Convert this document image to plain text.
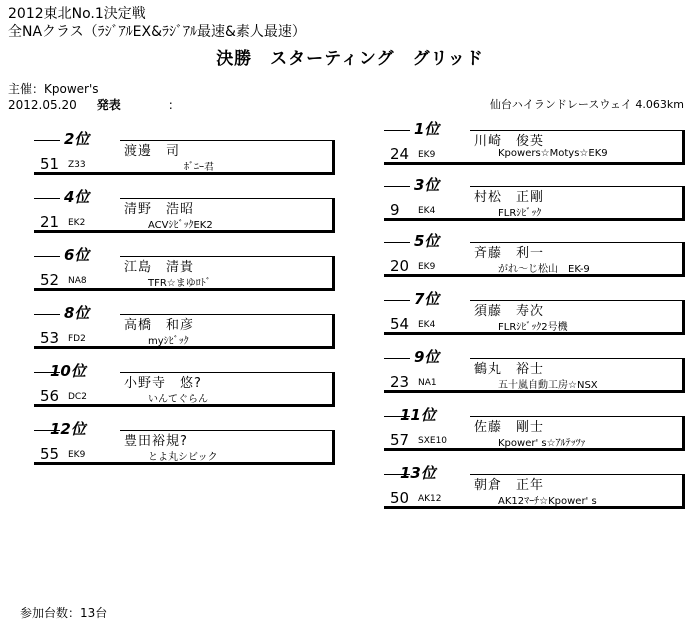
2012東北No.1決定戦
全NAクラス（ﾗｼﾞｱﾙEX&ﾗｼﾞｱﾙ最速&素人最速）
決勝　スターティング　グリッド
主催：Kpower's
2012.05.20 発表	:	仙台ハイランドレースウェイ 4.063km
2位
渡邊　司
51 Z33	ﾎﾞﾆｰ君
4位
清野　浩昭
21 EK2	ACVｼﾋﾞｯｸEK2
6位
江島　清貴
52 NA8	TFR☆まゆﾛﾄﾞ
8位
高橋　和彦
53 FD2	myｼﾋﾞｯｸ
10位
小野寺　悠?
56 DC2	いんてぐらん
12位
豊田裕規?
55 EK9	とよ丸シビック
1位
川崎　俊英
24 EK9	Kpowers☆Motys☆EK9
3位
村松　正剛
9 EK4	FLRｼﾋﾞｯｸ
5位
斉藤　利一
20 EK9	がれ～じ松山　EK-9
7位
須藤　寿次
54 EK4	FLRｼﾋﾞｯｸ2号機
9位
鶴丸　裕士
23 NA1	五十嵐自動工房☆NSX
11位
佐藤　剛士
57 SXE10	Kpower' s☆ｱﾙﾃｯﾂｧ
13位
朝倉　正年
50 AK12	AK12ﾏｰﾁ☆Kpower' s
参加台数：13台
